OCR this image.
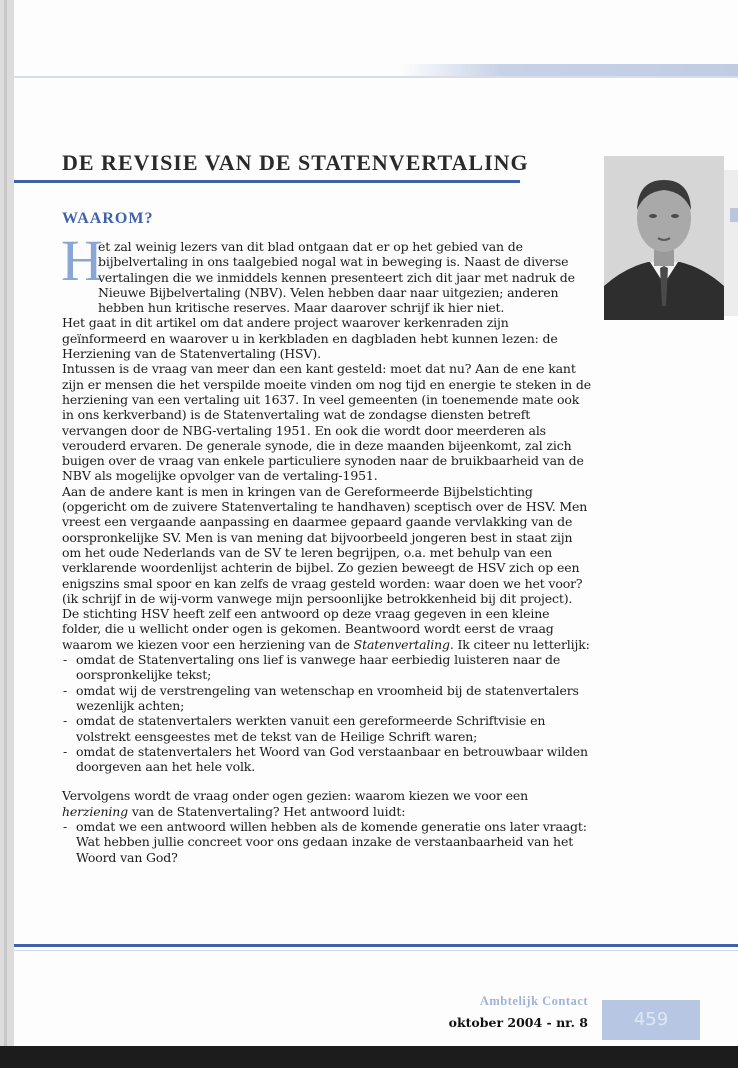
DE REVISIE VAN DE STATENVERTALING
WAAROM?
H

et zal weinig lezers van dit blad ontgaan dat er op het gebied van de bijbelvertaling in ons taalgebied nogal wat in beweging is. Naast de diverse vertalingen die we inmiddels kennen presenteert zich dit jaar met nadruk de Nieuwe Bijbelvertaling (NBV). Velen hebben daar naar uitgezien; anderen hebben hun kritische reserves. Maar daarover schrijf ik hier niet.

Het gaat in dit artikel om dat andere project waarover kerkenraden zijn geïnformeerd en waarover u in kerkbladen en dagbladen hebt kunnen lezen: de Herziening van de Statenvertaling (HSV).

Intussen is de vraag van meer dan een kant gesteld: moet dat nu? Aan de ene kant zijn er mensen die het verspilde moeite vinden om nog tijd en energie te steken in de herziening van een vertaling uit 1637. In veel gemeenten (in toenemende mate ook in ons kerkverband) is de Statenvertaling wat de zondagse diensten betreft vervangen door de NBG-vertaling 1951. En ook die wordt door meerderen als verouderd ervaren. De generale synode, die in deze maanden bijeenkomt, zal zich buigen over de vraag van enkele particuliere synoden naar de bruikbaarheid van de NBV als mogelijke opvolger van de vertaling-1951.

Aan de andere kant is men in kringen van de Gereformeerde Bijbelstichting (opgericht om de zuivere Statenvertaling te handhaven) sceptisch over de HSV. Men vreest een vergaande aanpassing en daarmee gepaard gaande vervlakking van de oorspronkelijke SV. Men is van mening dat bijvoorbeeld jongeren best in staat zijn om het oude Nederlands van de SV te leren begrijpen, o.a. met behulp van een verklarende woordenlijst achterin de bijbel. Zo gezien beweegt de HSV zich op een enigszins smal spoor en kan zelfs de vraag gesteld worden: waar doen we het voor? (ik schrijf in de wij-vorm vanwege mijn persoonlijke betrokkenheid bij dit project). De stichting HSV heeft zelf een antwoord op deze vraag gegeven in een kleine folder, die u wellicht onder ogen is gekomen. Beantwoord wordt eerst de vraag waarom we kiezen voor een herziening van de Statenvertaling. Ik citeer nu letterlijk:

- omdat de Statenvertaling ons lief is vanwege haar eerbiedig luisteren naar de oorspronkelijke tekst;
- omdat wij de verstrengeling van wetenschap en vroomheid bij de statenvertalers wezenlijk achten;
- omdat de statenvertalers werkten vanuit een gereformeerde Schriftvisie en volstrekt eensgeestes met de tekst van de Heilige Schrift waren;
- omdat de statenvertalers het Woord van God verstaanbaar en betrouwbaar wilden doorgeven aan het hele volk.

Vervolgens wordt de vraag onder ogen gezien: waarom kiezen we voor een herziening van de Statenvertaling? Het antwoord luidt:

- omdat we een antwoord willen hebben als de komende generatie ons later vraagt: Wat hebben jullie concreet voor ons gedaan inzake de verstaanbaarheid van het Woord van God?
Ambtelijk Contact
oktober 2004 - nr. 8	459
